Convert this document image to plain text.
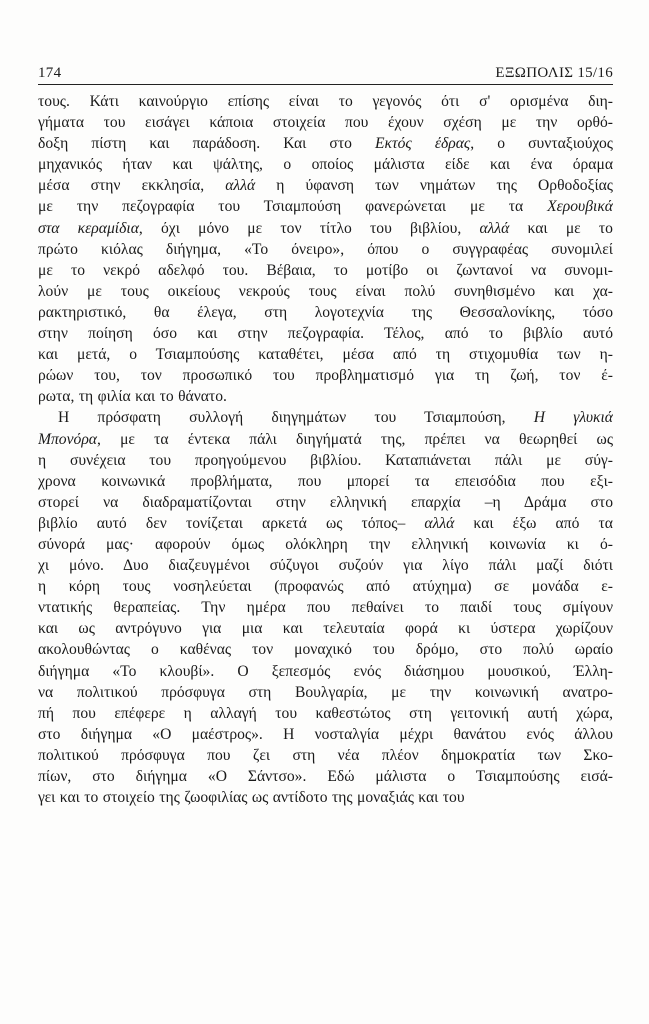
174	ΕΞΩΠΟΛΙΣ 15/16
τους. Κάτι καινούργιο επίσης είναι το γεγονός ότι σ' ορισμένα διη-
γήματα του εισάγει κάποια στοιχεία που έχουν σχέση με την ορθό-
δοξη πίστη και παράδοση. Και στο Εκτός έδρας, ο συνταξιούχος
μηχανικός ήταν και ψάλτης, ο οποίος μάλιστα είδε και ένα όραμα
μέσα στην εκκλησία, αλλά η ύφανση των νημάτων της Ορθοδοξίας
με την πεζογραφία του Τσιαμπούση φανερώνεται με τα Χερουβικά
στα κεραμίδια, όχι μόνο με τον τίτλο του βιβλίου, αλλά και με το
πρώτο κιόλας διήγημα, «Το όνειρο», όπου ο συγγραφέας συνομιλεί
με το νεκρό αδελφό του. Βέβαια, το μοτίβο οι ζωντανοί να συνομι-
λούν με τους οικείους νεκρούς τους είναι πολύ συνηθισμένο και χα-
ρακτηριστικό, θα έλεγα, στη λογοτεχνία της Θεσσαλονίκης, τόσο
στην ποίηση όσο και στην πεζογραφία. Τέλος, από το βιβλίο αυτό
και μετά, ο Τσιαμπούσης καταθέτει, μέσα από τη στιχομυθία των η-
ρώων του, τον προσωπικό του προβληματισμό για τη ζωή, τον έ-
ρωτα, τη φιλία και το θάνατο.
Η πρόσφατη συλλογή διηγημάτων του Τσιαμπούση, Η γλυκιά
Μπονόρα, με τα έντεκα πάλι διηγήματά της, πρέπει να θεωρηθεί ως
η συνέχεια του προηγούμενου βιβλίου. Καταπιάνεται πάλι με σύγ-
χρονα κοινωνικά προβλήματα, που μπορεί τα επεισόδια που εξι-
στορεί να διαδραματίζονται στην ελληνική επαρχία –η Δράμα στο
βιβλίο αυτό δεν τονίζεται αρκετά ως τόπος– αλλά και έξω από τα
σύνορά μας· αφορούν όμως ολόκληρη την ελληνική κοινωνία κι ό-
χι μόνο. Δυο διαζευγμένοι σύζυγοι συζούν για λίγο πάλι μαζί διότι
η κόρη τους νοσηλεύεται (προφανώς από ατύχημα) σε μονάδα ε-
ντατικής θεραπείας. Την ημέρα που πεθαίνει το παιδί τους σμίγουν
και ως αντρόγυνο για μια και τελευταία φορά κι ύστερα χωρίζουν
ακολουθώντας ο καθένας τον μοναχικό του δρόμο, στο πολύ ωραίο
διήγημα «Το κλουβί». Ο ξεπεσμός ενός διάσημου μουσικού, Έλλη-
να πολιτικού πρόσφυγα στη Βουλγαρία, με την κοινωνική ανατρο-
πή που επέφερε η αλλαγή του καθεστώτος στη γειτονική αυτή χώρα,
στο διήγημα «Ο μαέστρος». Η νοσταλγία μέχρι θανάτου ενός άλλου
πολιτικού πρόσφυγα που ζει στη νέα πλέον δημοκρατία των Σκο-
πίων, στο διήγημα «Ο Σάντσο». Εδώ μάλιστα ο Τσιαμπούσης εισά-
γει και το στοιχείο της ζωοφιλίας ως αντίδοτο της μοναξιάς και του
